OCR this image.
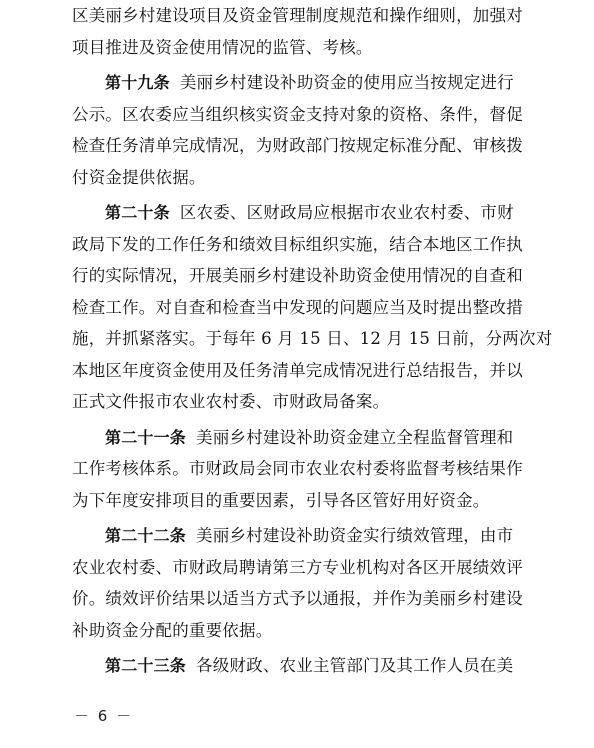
区美丽乡村建设项目及资金管理制度规范和操作细则，加强对
项目推进及资金使用情况的监管、考核。
第十九条 美丽乡村建设补助资金的使用应当按规定进行
公示。区农委应当组织核实资金支持对象的资格、条件，督促
检查任务清单完成情况，为财政部门按规定标准分配、审核拨
付资金提供依据。
第二十条 区农委、区财政局应根据市农业农村委、市财
政局下发的工作任务和绩效目标组织实施，结合本地区工作执
行的实际情况，开展美丽乡村建设补助资金使用情况的自查和
检查工作。对自查和检查当中发现的问题应当及时提出整改措
施，并抓紧落实。于每年 6 月 15 日、12 月 15 日前，分两次对
本地区年度资金使用及任务清单完成情况进行总结报告，并以
正式文件报市农业农村委、市财政局备案。
第二十一条 美丽乡村建设补助资金建立全程监督管理和
工作考核体系。市财政局会同市农业农村委将监督考核结果作
为下年度安排项目的重要因素，引导各区管好用好资金。
第二十二条 美丽乡村建设补助资金实行绩效管理，由市
农业农村委、市财政局聘请第三方专业机构对各区开展绩效评
价。绩效评价结果以适当方式予以通报，并作为美丽乡村建设
补助资金分配的重要依据。
第二十三条 各级财政、农业主管部门及其工作人员在美
－ 6 －
